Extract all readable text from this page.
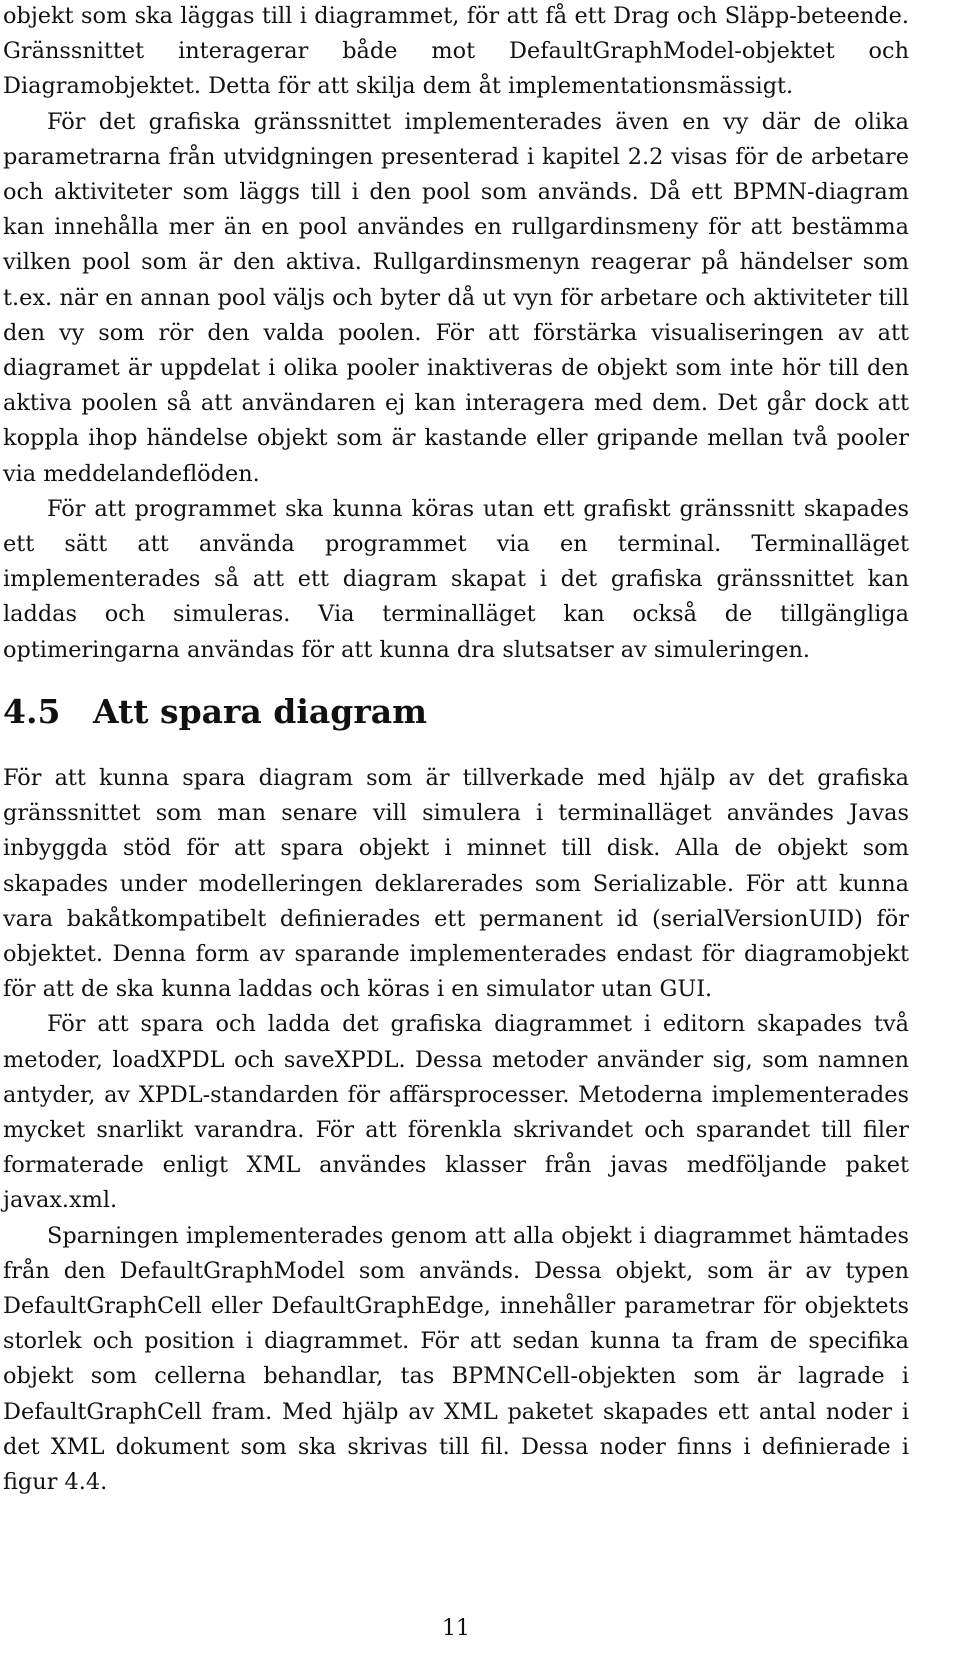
objekt som ska läggas till i diagrammet, för att få ett Drag och Släpp-beteende. Gränssnittet interagerar både mot DefaultGraphModel-objektet och Diagramobjektet. Detta för att skilja dem åt implementationsmässigt.

För det grafiska gränssnittet implementerades även en vy där de olika parametrarna från utvidgningen presenterad i kapitel 2.2 visas för de arbetare och aktiviteter som läggs till i den pool som används. Då ett BPMN-diagram kan innehålla mer än en pool användes en rullgardinsmeny för att bestämma vilken pool som är den aktiva. Rullgardinsmenyn reagerar på händelser som t.ex. när en annan pool väljs och byter då ut vyn för arbetare och aktiviteter till den vy som rör den valda poolen. För att förstärka visualiseringen av att diagramet är uppdelat i olika pooler inaktiveras de objekt som inte hör till den aktiva poolen så att användaren ej kan interagera med dem. Det går dock att koppla ihop händelse objekt som är kastande eller gripande mellan två pooler via meddelandeflöden.

För att programmet ska kunna köras utan ett grafiskt gränssnitt skapades ett sätt att använda programmet via en terminal. Terminalläget implementerades så att ett diagram skapat i det grafiska gränssnittet kan laddas och simuleras. Via terminalläget kan också de tillgängliga optimeringarna användas för att kunna dra slutsatser av simuleringen.

4.5 Att spara diagram

För att kunna spara diagram som är tillverkade med hjälp av det grafiska gränssnittet som man senare vill simulera i terminalläget användes Javas inbyggda stöd för att spara objekt i minnet till disk. Alla de objekt som skapades under modelleringen deklarerades som Serializable. För att kunna vara bakåtkompatibelt definierades ett permanent id (serialVersionUID) för objektet. Denna form av sparande implementerades endast för diagramobjekt för att de ska kunna laddas och köras i en simulator utan GUI.

För att spara och ladda det grafiska diagrammet i editorn skapades två metoder, loadXPDL och saveXPDL. Dessa metoder använder sig, som namnen antyder, av XPDL-standarden för affärsprocesser. Metoderna implementerades mycket snarlikt varandra. För att förenkla skrivandet och sparandet till filer formaterade enligt XML användes klasser från javas medföljande paket javax.xml.

Sparningen implementerades genom att alla objekt i diagrammet hämtades från den DefaultGraphModel som används. Dessa objekt, som är av typen DefaultGraphCell eller DefaultGraphEdge, innehåller parametrar för objektets storlek och position i diagrammet. För att sedan kunna ta fram de specifika objekt som cellerna behandlar, tas BPMNCell-objekten som är lagrade i DefaultGraphCell fram. Med hjälp av XML paketet skapades ett antal noder i det XML dokument som ska skrivas till fil. Dessa noder finns i definierade i figur 4.4.

11
